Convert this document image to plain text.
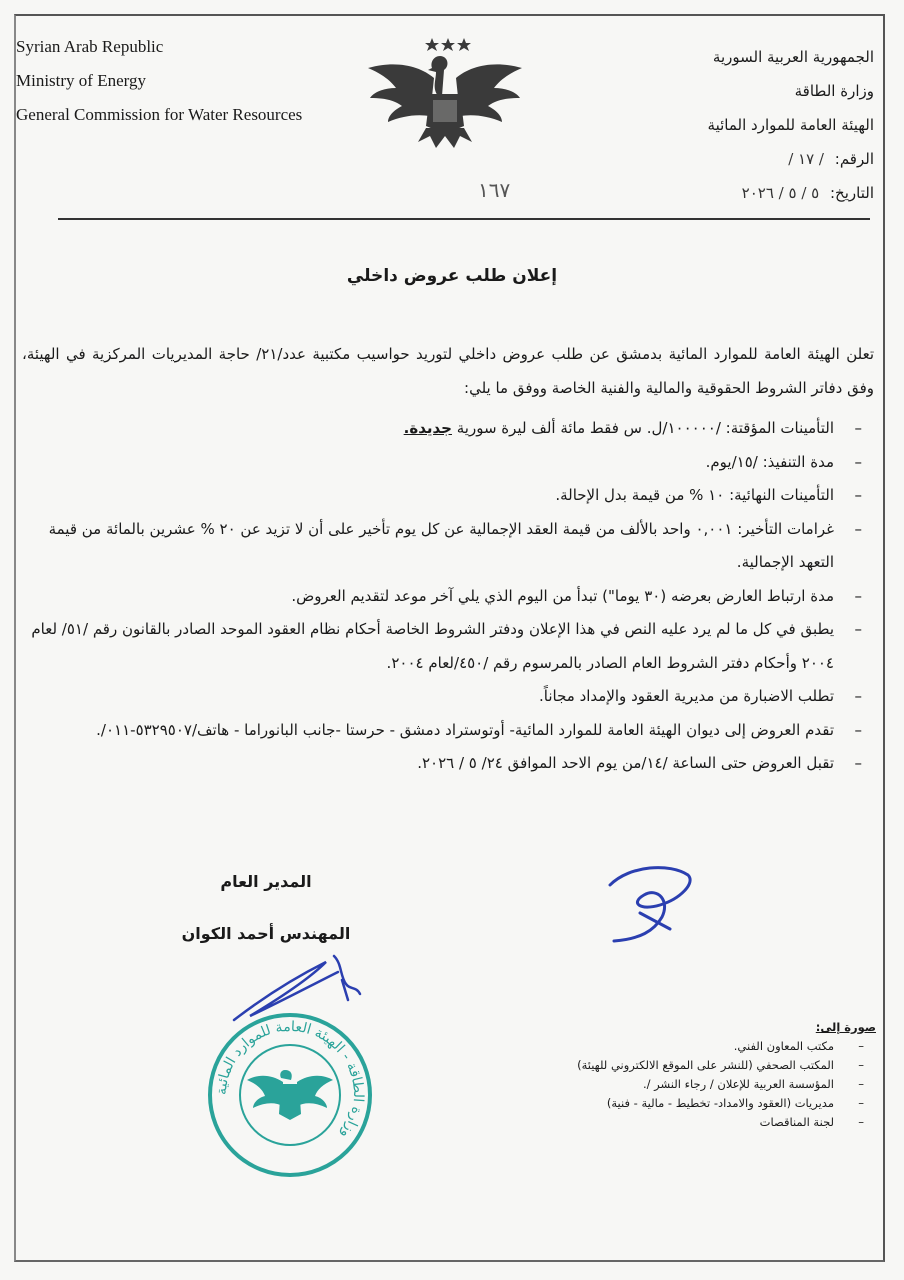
Syrian Arab Republic
Ministry of Energy
General Commission for Water Resources
الجمهورية العربية السورية
وزارة الطاقة
الهيئة العامة للموارد المائية
الرقم: / ١٧ /
التاريخ: ٥ / ٥ / ٢٠٢٦
١٦٧
إعلان طلب عروض داخلي

تعلن الهيئة العامة للموارد المائية بدمشق عن طلب عروض داخلي لتوريد حواسيب مكتبية عدد/٢١/ حاجة المديريات المركزية في الهيئة، وفق دفاتر الشروط الحقوقية والمالية والفنية الخاصة ووفق ما يلي:

– التأمينات المؤقتة: /١٠٠٠٠٠/ل. س فقط مائة ألف ليرة سورية جديدة.
– مدة التنفيذ: /١٥/يوم.
– التأمينات النهائية: ١٠ % من قيمة بدل الإحالة.
– غرامات التأخير: ٠,٠٠١ واحد بالألف من قيمة العقد الإجمالية عن كل يوم تأخير على أن لا تزيد عن ٢٠ % عشرين بالمائة من قيمة التعهد الإجمالية.
– مدة ارتباط العارض بعرضه (٣٠ يوما") تبدأ من اليوم الذي يلي آخر موعد لتقديم العروض.
– يطبق في كل ما لم يرد عليه النص في هذا الإعلان ودفتر الشروط الخاصة أحكام نظام العقود الموحد الصادر بالقانون رقم /٥١/ لعام ٢٠٠٤ وأحكام دفتر الشروط العام الصادر بالمرسوم رقم /٤٥٠/لعام ٢٠٠٤.
– تطلب الاضبارة من مديرية العقود والإمداد مجاناً.
– تقدم العروض إلى ديوان الهيئة العامة للموارد المائية- أوتوستراد دمشق - حرستا -جانب البانوراما - هاتف/٥٣٢٩٥٠٧-٠١١/.
– تقبل العروض حتى الساعة /١٤/من يوم الاحد الموافق ٢٤/ ٥ / ٢٠٢٦.
المدير العام
المهندس أحمد الكوان
وزارة الطاقة - الهيئة العامة للموارد المائية
صورة إلى:
– مكتب المعاون الفني.
– المكتب الصحفي (للنشر على الموقع الالكتروني للهيئة)
– المؤسسة العربية للإعلان / رجاء النشر /.
– مديريات (العقود والامداد- تخطيط - مالية - فنية)
– لجنة المناقصات
